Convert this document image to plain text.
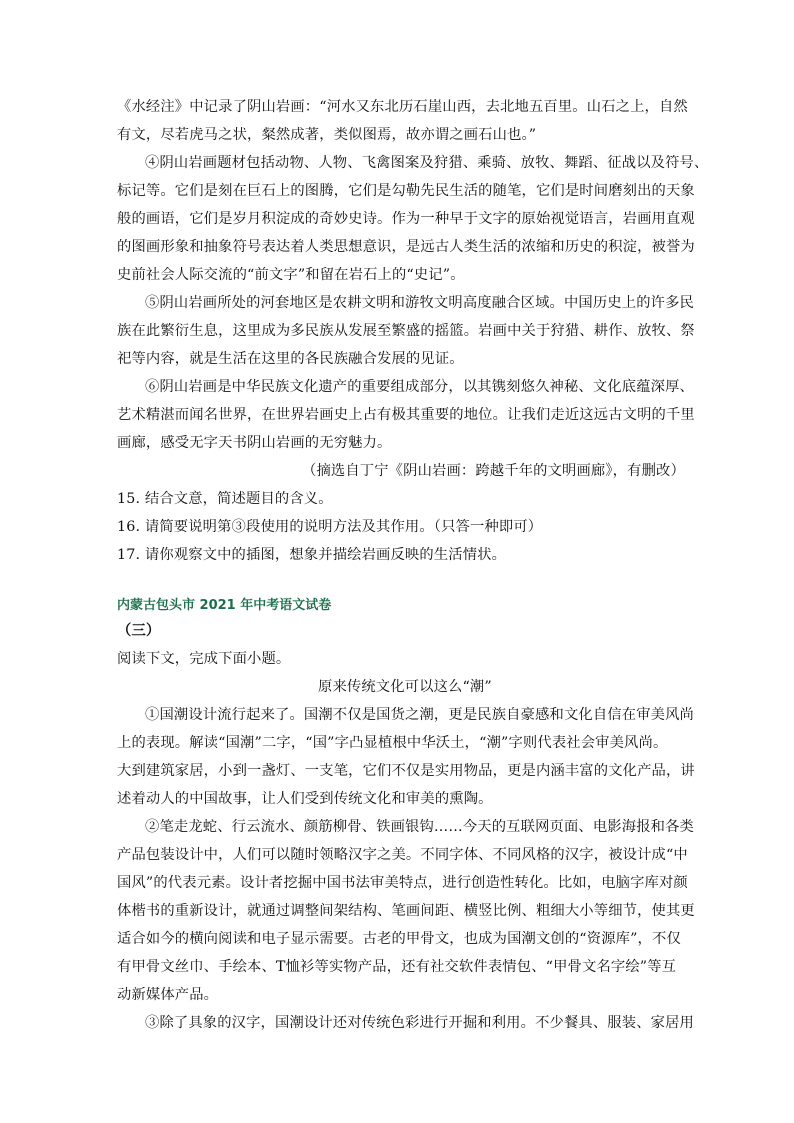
《水经注》中记录了阴山岩画：“河水又东北历石崖山西，去北地五百里。山石之上，自然
有文，尽若虎马之状，粲然成著，类似图焉，故亦谓之画石山也。”
④阴山岩画题材包括动物、人物、飞禽图案及狩猎、乘骑、放牧、舞蹈、征战以及符号、
标记等。它们是刻在巨石上的图腾，它们是勾勒先民生活的随笔，它们是时间磨刻出的天象
般的画语，它们是岁月积淀成的奇妙史诗。作为一种早于文字的原始视觉语言，岩画用直观
的图画形象和抽象符号表达着人类思想意识，是远古人类生活的浓缩和历史的积淀，被誉为
史前社会人际交流的“前文字”和留在岩石上的“史记”。
⑤阴山岩画所处的河套地区是农耕文明和游牧文明高度融合区域。中国历史上的许多民
族在此繁衍生息，这里成为多民族从发展至繁盛的摇篮。岩画中关于狩猎、耕作、放牧、祭
祀等内容，就是生活在这里的各民族融合发展的见证。
⑥阴山岩画是中华民族文化遗产的重要组成部分，以其镌刻悠久神秘、文化底蕴深厚、
艺术精湛而闻名世界，在世界岩画史上占有极其重要的地位。让我们走近这远古文明的千里
画廊，感受无字天书阴山岩画的无穷魅力。
（摘选自丁宁《阴山岩画：跨越千年的文明画廊》，有删改）
15. 结合文意，简述题目的含义。
16. 请简要说明第③段使用的说明方法及其作用。（只答一种即可）
17. 请你观察文中的插图，想象并描绘岩画反映的生活情状。
内蒙古包头市 2021 年中考语文试卷
（三）
阅读下文，完成下面小题。
原来传统文化可以这么“潮”
①国潮设计流行起来了。国潮不仅是国货之潮，更是民族自豪感和文化自信在审美风尚
上的表现。解读“国潮”二字，“国”字凸显植根中华沃土，“潮”字则代表社会审美风尚。
大到建筑家居，小到一盏灯、一支笔，它们不仅是实用物品，更是内涵丰富的文化产品，讲
述着动人的中国故事，让人们受到传统文化和审美的熏陶。
②笔走龙蛇、行云流水、颜筋柳骨、铁画银钩……今天的互联网页面、电影海报和各类
产品包装设计中，人们可以随时领略汉字之美。不同字体、不同风格的汉字，被设计成“中
国风”的代表元素。设计者挖掘中国书法审美特点，进行创造性转化。比如，电脑字库对颜
体楷书的重新设计，就通过调整间架结构、笔画间距、横竖比例、粗细大小等细节，使其更
适合如今的横向阅读和电子显示需要。古老的甲骨文，也成为国潮文创的“资源库”，不仅
有甲骨文丝巾、手绘本、T恤衫等实物产品，还有社交软件表情包、“甲骨文名字绘”等互
动新媒体产品。
③除了具象的汉字，国潮设计还对传统色彩进行开掘和利用。不少餐具、服装、家居用
